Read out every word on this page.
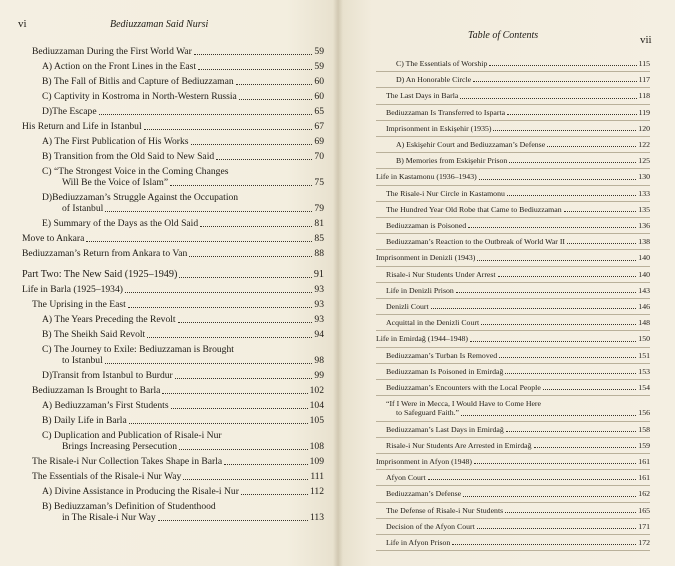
vi	Bediuzzaman Said Nursi
Bediuzzaman During the First World War	59
A) Action on the Front Lines in the East	59
B) The Fall of Bitlis and Capture of Bediuzzaman	60
C) Captivity in Kostroma in North-Western Russia	60
D)The Escape	65
His Return and Life in Istanbul	67
A) The First Publication of His Works	69
B) Transition from the Old Said to New Said	70
C) “The Strongest Voice in the Coming Changes
Will Be the Voice of Islam”	75
D)Bediuzzaman’s Struggle Against the Occupation
of Istanbul	79
E) Summary of the Days as the Old Said	81
Move to Ankara	85
Bediuzzaman’s Return from Ankara to Van	88
Part Two: The New Said (1925–1949)	91
Life in Barla (1925–1934)	93
The Uprising in the East	93
A) The Years Preceding the Revolt	93
B) The Sheikh Said Revolt	94
C) The Journey to Exile: Bediuzzaman is Brought
to Istanbul	98
D)Transit from Istanbul to Burdur	99
Bediuzzaman Is Brought to Barla	102
A) Bediuzzaman’s First Students	104
B) Daily Life in Barla	105
C) Duplication and Publication of Risale-i Nur
Brings Increasing Persecution	108
The Risale-i Nur Collection Takes Shape in Barla	109
The Essentials of the Risale-i Nur Way	111
A) Divine Assistance in Producing the Risale-i Nur	112
B) Bediuzzaman’s Definition of Studenthood
in The Risale-i Nur Way	113
Table of Contents	vii
C) The Essentials of Worship	115
D) An Honorable Circle	117
The Last Days in Barla	118
Bediuzzaman Is Transferred to Isparta	119
Imprisonment in Eskişehir (1935)	120
A) Eskişehir Court and Bediuzzaman’s Defense	122
B) Memories from Eskişehir Prison	125
Life in Kastamonu (1936–1943)	130
The Risale-i Nur Circle in Kastamonu	133
The Hundred Year Old Robe that Came to Bediuzzaman	135
Bediuzzaman is Poisoned	136
Bediuzzaman’s Reaction to the Outbreak of World War II	138
Imprisonment in Denizli (1943)	140
Risale-i Nur Students Under Arrest	140
Life in Denizli Prison	143
Denizli Court	146
Acquittal in the Denizli Court	148
Life in Emirdağ (1944–1948)	150
Bediuzzaman’s Turban Is Removed	151
Bediuzzaman Is Poisoned in Emirdağ	153
Bediuzzaman’s Encounters with the Local People	154
“If I Were in Mecca, I Would Have to Come Here
to Safeguard Faith.”	156
Bediuzzaman’s Last Days in Emirdağ	158
Risale-i Nur Students Are Arrested in Emirdağ	159
Imprisonment in Afyon (1948)	161
Afyon Court	161
Bediuzzaman’s Defense	162
The Defense of Risale-i Nur Students	165
Decision of the Afyon Court	171
Life in Afyon Prison	172
